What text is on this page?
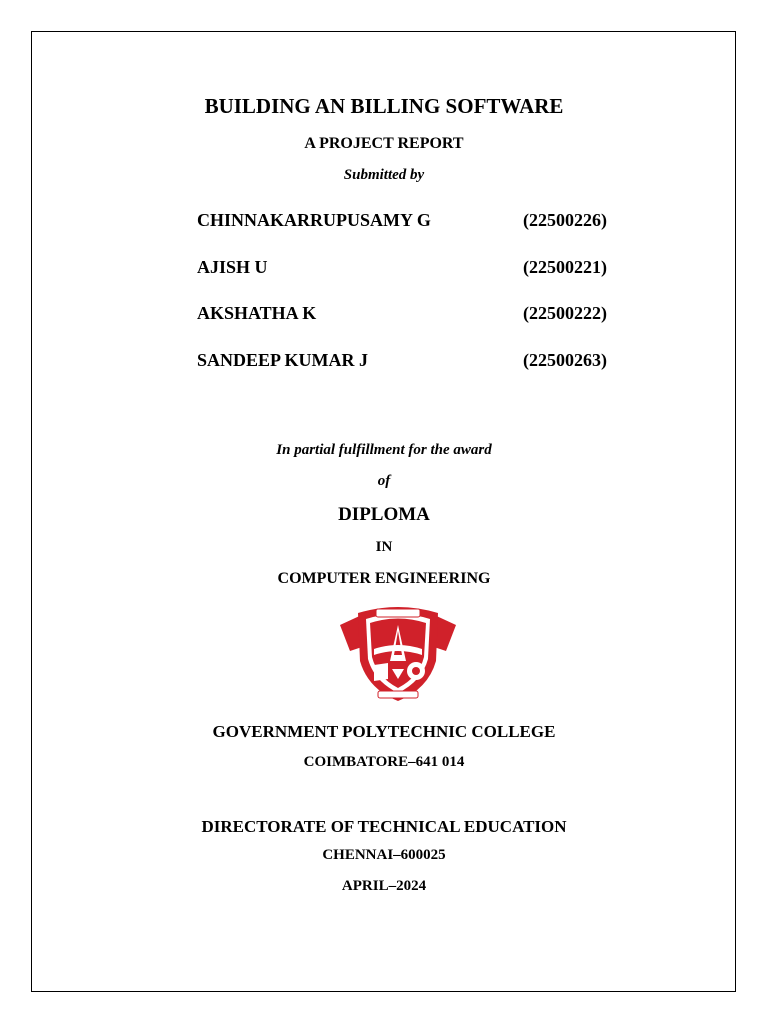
BUILDING AN BILLING SOFTWARE
A PROJECT REPORT
Submitted by
CHINNAKARRUPUSAMY G	(22500226)
AJISH U	(22500221)
AKSHATHA K	(22500222)
SANDEEP KUMAR J	(22500263)
In partial fulfillment for the award
of
DIPLOMA
IN
COMPUTER ENGINEERING
GOVERNMENT POLYTECHNIC COLLEGE
COIMBATORE–641 014
DIRECTORATE OF TECHNICAL EDUCATION
CHENNAI–600025
APRIL–2024
